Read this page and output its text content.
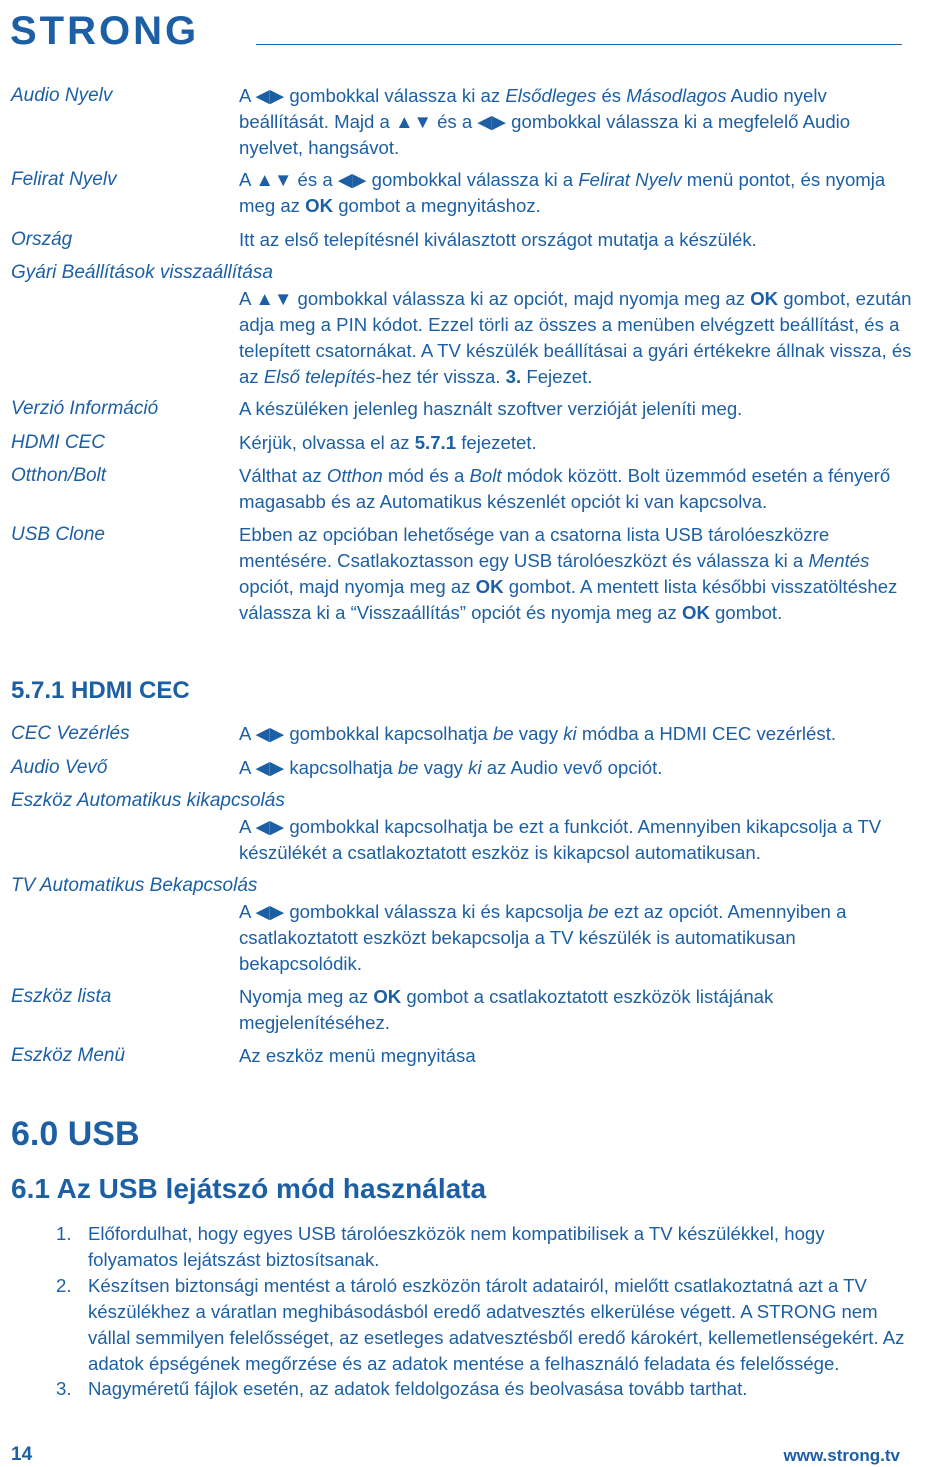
STRONG
Audio Nyelv	A ◀▶ gombokkal válassza ki az Elsődleges és Másodlagos Audio nyelv beállítását. Majd a ▲▼ és a ◀▶ gombokkal válassza ki a megfelelő Audio nyelvet, hangsávot.
Felirat Nyelv	A ▲▼ és a ◀▶ gombokkal válassza ki a Felirat Nyelv menü pontot, és nyomja meg az OK gombot a megnyitáshoz.
Ország	Itt az első telepítésnél kiválasztott országot mutatja a készülék.
Gyári Beállítások visszaállítása
A ▲▼ gombokkal válassza ki az opciót, majd nyomja meg az OK gombot, ezután adja meg a PIN kódot. Ezzel törli az összes a menüben elvégzett beállítást, és a telepített csatornákat. A TV készülék beállításai a gyári értékekre állnak vissza, és az Első telepítés-hez tér vissza. 3. Fejezet.
Verzió Információ	A készüléken jelenleg használt szoftver verzióját jeleníti meg.
HDMI CEC	Kérjük, olvassa el az 5.7.1 fejezetet.
Otthon/Bolt	Válthat az Otthon mód és a Bolt módok között. Bolt üzemmód esetén a fényerő magasabb és az Automatikus készenlét opciót ki van kapcsolva.
USB Clone	Ebben az opcióban lehetősége van a csatorna lista USB tárolóeszközre mentésére. Csatlakoztasson egy USB tárolóeszközt és válassza ki a Mentés opciót, majd nyomja meg az OK gombot. A mentett lista későbbi visszatöltéshez válassza ki a “Visszaállítás” opciót és nyomja meg az OK gombot.
5.7.1 HDMI CEC
CEC Vezérlés	A ◀▶ gombokkal kapcsolhatja be vagy ki módba a HDMI CEC vezérlést.
Audio Vevő	A ◀▶ kapcsolhatja be vagy ki az Audio vevő opciót.
Eszköz Automatikus kikapcsolás
A ◀▶ gombokkal kapcsolhatja be ezt a funkciót. Amennyiben kikapcsolja a TV készülékét a csatlakoztatott eszköz is kikapcsol automatikusan.
TV Automatikus Bekapcsolás
A ◀▶ gombokkal válassza ki és kapcsolja be ezt az opciót. Amennyiben a csatlakoztatott eszközt bekapcsolja a TV készülék is automatikusan bekapcsolódik.
Eszköz lista	Nyomja meg az OK gombot a csatlakoztatott eszközök listájának megjelenítéséhez.
Eszköz Menü	Az eszköz menü megnyitása
6.0 USB
6.1 Az USB lejátszó mód használata
1. Előfordulhat, hogy egyes USB tárolóeszközök nem kompatibilisek a TV készülékkel, hogy folyamatos lejátszást biztosítsanak.
2. Készítsen biztonsági mentést a tároló eszközön tárolt adatairól, mielőtt csatlakoztatná azt a TV készülékhez a váratlan meghibásodásból eredő adatvesztés elkerülése végett. A STRONG nem vállal semmilyen felelősséget, az esetleges adatvesztésből eredő károkért, kellemetlenségekért. Az adatok épségének megőrzése és az adatok mentése a felhasználó feladata és felelőssége.
3. Nagyméretű fájlok esetén, az adatok feldolgozása és beolvasása tovább tarthat.
14	www.strong.tv
